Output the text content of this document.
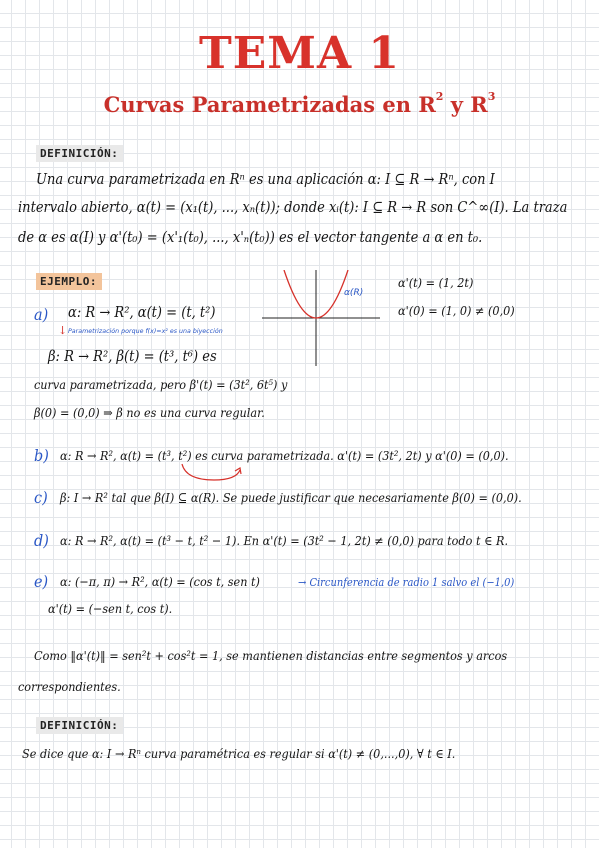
TEMA 1
Curvas Parametrizadas en $R^2$ y $R^3$
DEFINICIÓN:
Una curva parametrizada en Rⁿ es una aplicación α: I ⊆ R → Rⁿ, con I
intervalo abierto, α(t) = (x₁(t), ..., xₙ(t)); donde xᵢ(t): I ⊆ R → R son C^∞(I). La traza
de α es α(I) y α'(t₀) = (x'₁(t₀), ..., x'ₙ(t₀)) es el vector tangente a α en t₀.
EJEMPLO:
a) α: R → R², α(t) = (t, t²)
↓ Parametrización porque f(x)=x² es una biyección
β: R → R², β(t) = (t³, t⁶) es
curva parametrizada, pero β'(t) = (3t², 6t⁵) y
β(0) = (0,0) ⇒ β no es una curva regular.
α(R)
α'(t) = (1, 2t)
α'(0) = (1, 0) ≠ (0,0)
b) α: R → R², α(t) = (t³, t²) es curva parametrizada. α'(t) = (3t², 2t) y α'(0) = (0,0).
c) β: I → R² tal que β(I) ⊆ α(R). Se puede justificar que necesariamente β(0) = (0,0).
d) α: R → R², α(t) = (t³ − t, t² − 1). En α'(t) = (3t² − 1, 2t) ≠ (0,0) para todo t ∈ R.
e) α: (−π, π) → R², α(t) = (cos t, sen t)	→ Circunferencia de radio 1 salvo el (−1,0)
α'(t) = (−sen t, cos t).
Como ‖α'(t)‖ = sen²t + cos²t = 1, se mantienen distancias entre segmentos y arcos
correspondientes.
DEFINICIÓN:
Se dice que α: I → Rⁿ curva paramétrica es regular si α'(t) ≠ (0,...,0), ∀ t ∈ I.
